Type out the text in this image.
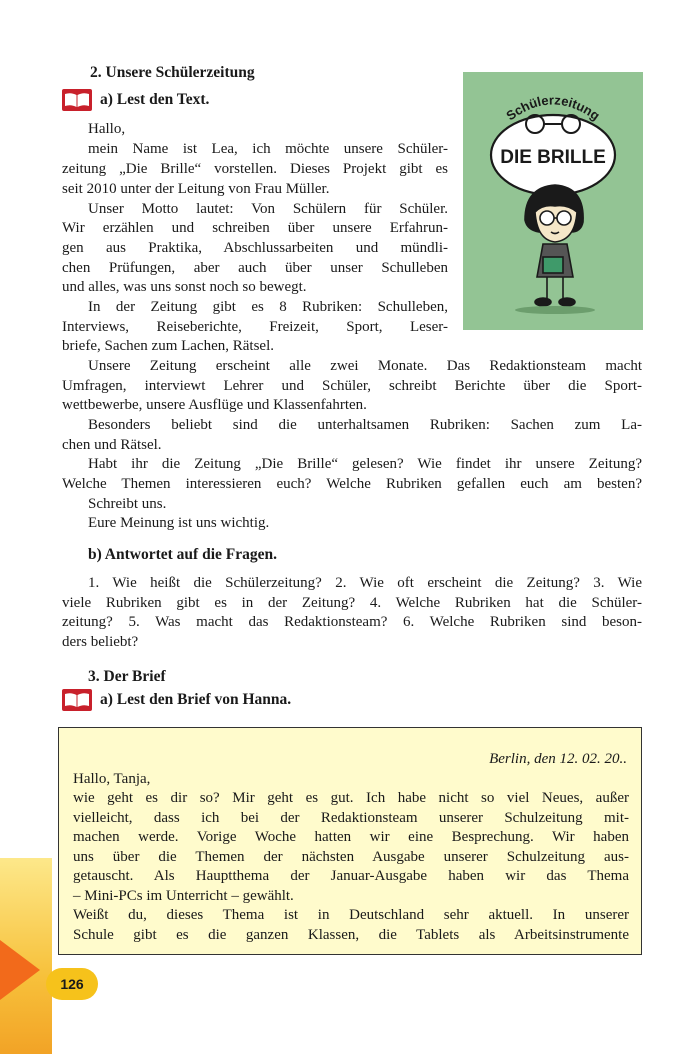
2. Unsere Schülerzeitung
a) Lest den Text.
Hallo,
mein Name ist Lea, ich möchte unsere Schüler-
zeitung „Die Brille“ vorstellen. Dieses Projekt gibt es
seit 2010 unter der Leitung von Frau Müller.
Unser Motto lautet: Von Schülern für Schüler.
Wir erzählen und schreiben über unsere Erfahrun-
gen aus Praktika, Abschlussarbeiten und mündli-
chen Prüfungen, aber auch über unser Schulleben
und alles, was uns sonst noch so bewegt.
In der Zeitung gibt es 8 Rubriken: Schulleben,
Interviews, Reiseberichte, Freizeit, Sport, Leser-
briefe, Sachen zum Lachen, Rätsel.
Unsere Zeitung erscheint alle zwei Monate. Das Redaktionsteam macht
Umfragen, interviewt Lehrer und Schüler, schreibt Berichte über die Sport-
wettbewerbe, unsere Ausflüge und Klassenfahrten.
Besonders beliebt sind die unterhaltsamen Rubriken: Sachen zum La-
chen und Rätsel.
Habt ihr die Zeitung „Die Brille“ gelesen? Wie findet ihr unsere Zeitung?
Welche Themen interessieren euch? Welche Rubriken gefallen euch am besten?
Schreibt uns.
Eure Meinung ist uns wichtig.
b) Antwortet auf die Fragen.
1. Wie heißt die Schülerzeitung? 2. Wie oft erscheint die Zeitung? 3. Wie
viele Rubriken gibt es in der Zeitung? 4. Welche Rubriken hat die Schüler-
zeitung? 5. Was macht das Redaktionsteam? 6. Welche Rubriken sind beson-
ders beliebt?
3. Der Brief
a) Lest den Brief von Hanna.
Schülerzeitung
DIE BRILLE
Berlin, den 12. 02. 20..
Hallo, Tanja,
wie geht es dir so? Mir geht es gut. Ich habe nicht so viel Neues, außer
vielleicht, dass ich bei der Redaktionsteam unserer Schulzeitung mit-
machen werde. Vorige Woche hatten wir eine Besprechung. Wir haben
uns über die Themen der nächsten Ausgabe unserer Schulzeitung aus-
getauscht. Als Hauptthema der Januar-Ausgabe haben wir das Thema
– Mini-PCs im Unterricht – gewählt.
Weißt du, dieses Thema ist in Deutschland sehr aktuell. In unserer
Schule gibt es die ganzen Klassen, die Tablets als Arbeitsinstrumente
126
